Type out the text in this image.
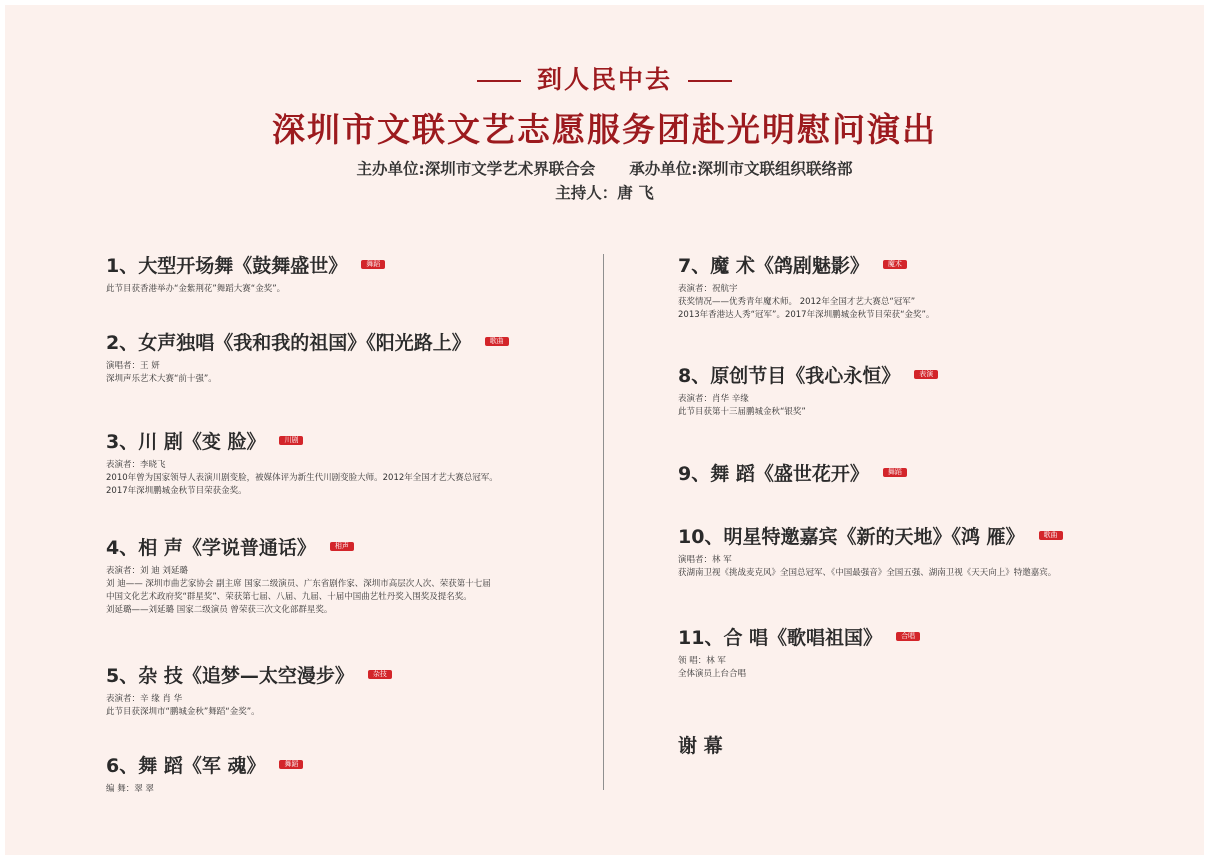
到人民中去
深圳市文联文艺志愿服务团赴光明慰问演出
主办单位:深圳市文学艺术界联合会 承办单位:深圳市文联组织联络部
主持人：唐 飞
1、大型开场舞《鼓舞盛世》	舞蹈
此节目获香港举办“金紫荆花”舞蹈大赛“金奖”。
2、女声独唱《我和我的祖国》《阳光路上》	歌曲
演唱者：王 妍
深圳声乐艺术大赛“前十强”。
3、川 剧《变 脸》	川剧
表演者：李晓飞
2010年曾为国家领导人表演川剧变脸，被媒体评为新生代川剧变脸大师。2012年全国才艺大赛总冠军。
2017年深圳鹏城金秋节目荣获金奖。
4、相 声《学说普通话》	相声
表演者：刘 迪 刘延璐
刘 迪—— 深圳市曲艺家协会 副主席 国家二级演员、广东省剧作家、深圳市高层次人次、荣获第十七届
中国文化艺术政府奖“群星奖”、荣获第七届、八届、九届、十届中国曲艺牡丹奖入围奖及提名奖。
刘延璐——刘延璐 国家二级演员 曾荣获三次文化部群星奖。
5、杂 技《追梦—太空漫步》	杂技
表演者：辛 缘 肖 华
此节目获深圳市“鹏城金秋”舞蹈“金奖”。
6、舞 蹈《军 魂》	舞蹈
编 舞：翠 翠
7、魔 术《鸽剧魅影》	魔术
表演者：祝航宇
获奖情况——优秀青年魔术师。 2012年全国才艺大赛总“冠军”
2013年香港达人秀“冠军”。2017年深圳鹏城金秋节目荣获“金奖”。
8、原创节目《我心永恒》	表演
表演者：肖华 辛缘
此节目获第十三届鹏城金秋“银奖”
9、舞 蹈《盛世花开》	舞蹈
10、明星特邀嘉宾《新的天地》《鸿 雁》	歌曲
演唱者：林 军
获湖南卫视《挑战麦克风》全国总冠军、《中国最强音》全国五强、湖南卫视《天天向上》特邀嘉宾。
11、合 唱《歌唱祖国》	合唱
领 唱：林 军
全体演员上台合唱
谢 幕
